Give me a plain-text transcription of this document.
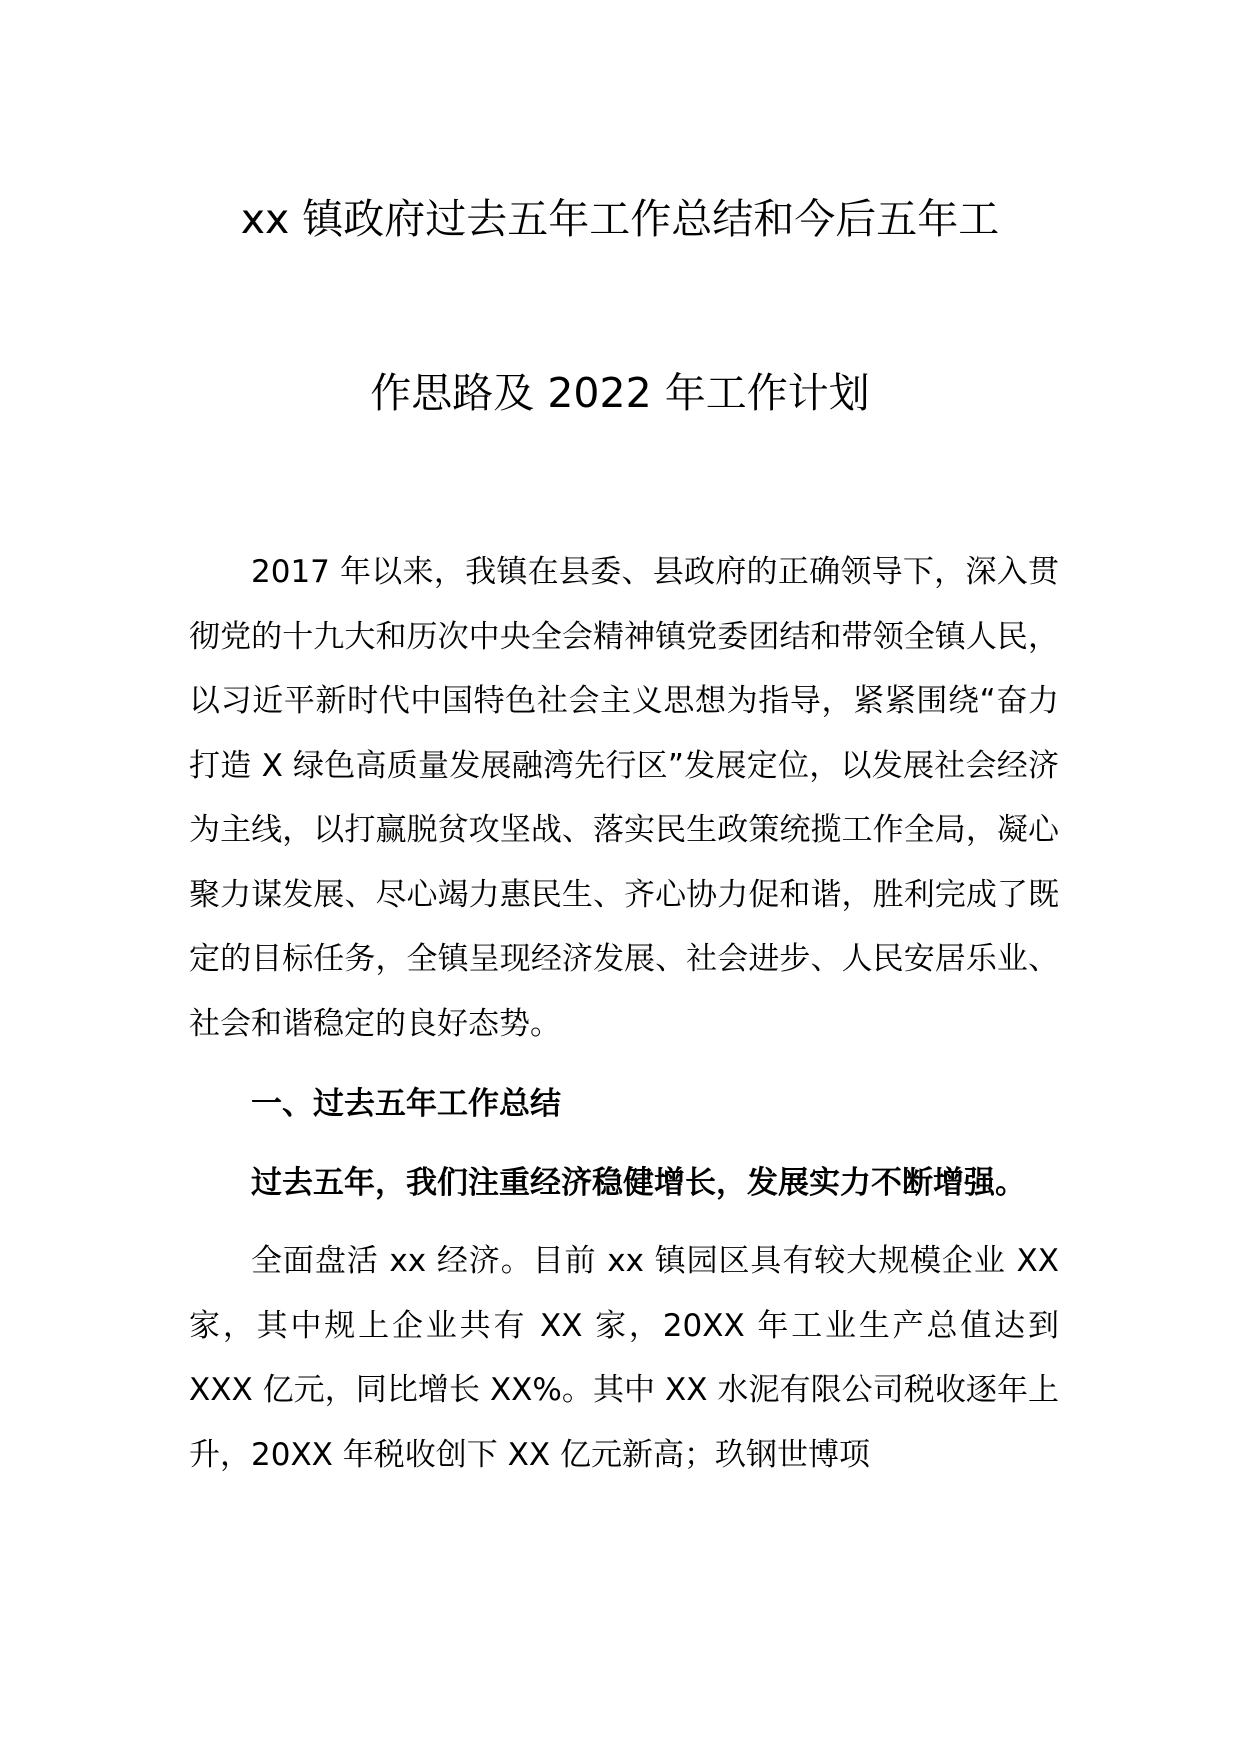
xx 镇政府过去五年工作总结和今后五年工
作思路及 2022 年工作计划

2017 年以来，我镇在县委、县政府的正确领导下，深入贯彻党的十九大和历次中央全会精神镇党委团结和带领全镇人民，以习近平新时代中国特色社会主义思想为指导，紧紧围绕“奋力打造 X 绿色高质量发展融湾先行区”发展定位，以发展社会经济为主线，以打赢脱贫攻坚战、落实民生政策统揽工作全局，凝心聚力谋发展、尽心竭力惠民生、齐心协力促和谐，胜利完成了既定的目标任务，全镇呈现经济发展、社会进步、人民安居乐业、社会和谐稳定的良好态势。

一、过去五年工作总结

过去五年，我们注重经济稳健增长，发展实力不断增强。

全面盘活 xx 经济。目前 xx 镇园区具有较大规模企业 XX 家，其中规上企业共有 XX 家，20XX 年工业生产总值达到 XXX 亿元，同比增长 XX%。其中 XX 水泥有限公司税收逐年上升，20XX 年税收创下 XX 亿元新高；玖钢世博项
